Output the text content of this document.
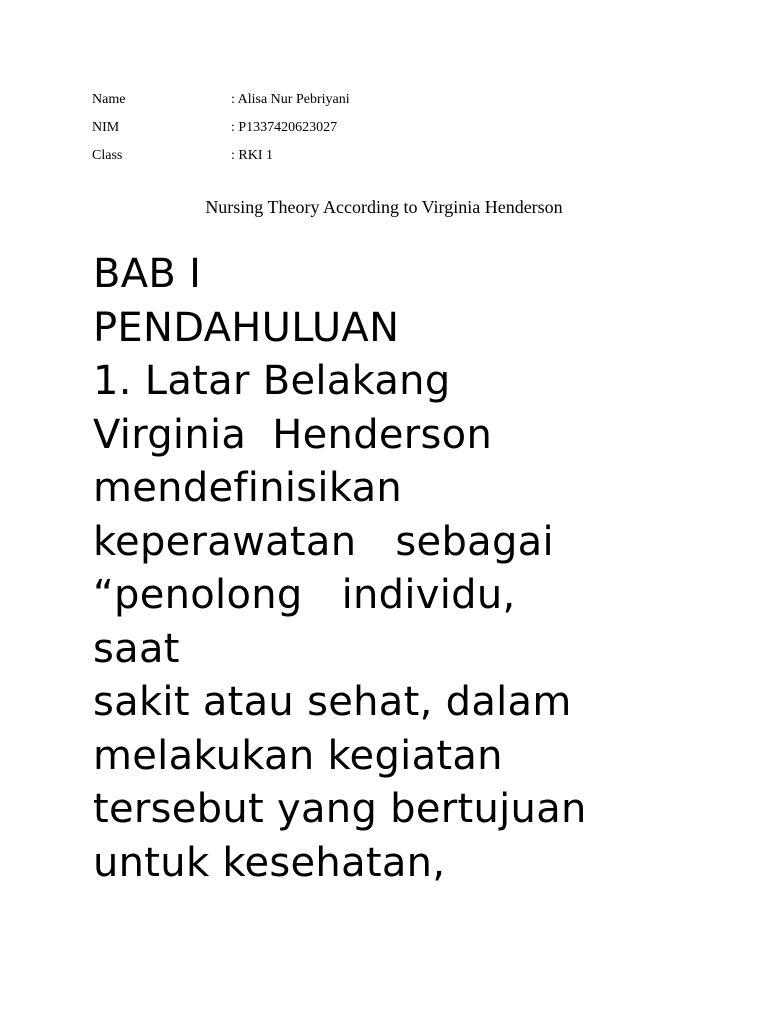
Name	: Alisa Nur Pebriyani
NIM	: P1337420623027
Class	: RKI 1
Nursing Theory According to Virginia Henderson
BAB I
PENDAHULUAN
1. Latar Belakang
Virginia  Henderson
mendefinisikan
keperawatan   sebagai
“penolong   individu,
saat
sakit atau sehat, dalam
melakukan kegiatan
tersebut yang bertujuan
untuk kesehatan,
